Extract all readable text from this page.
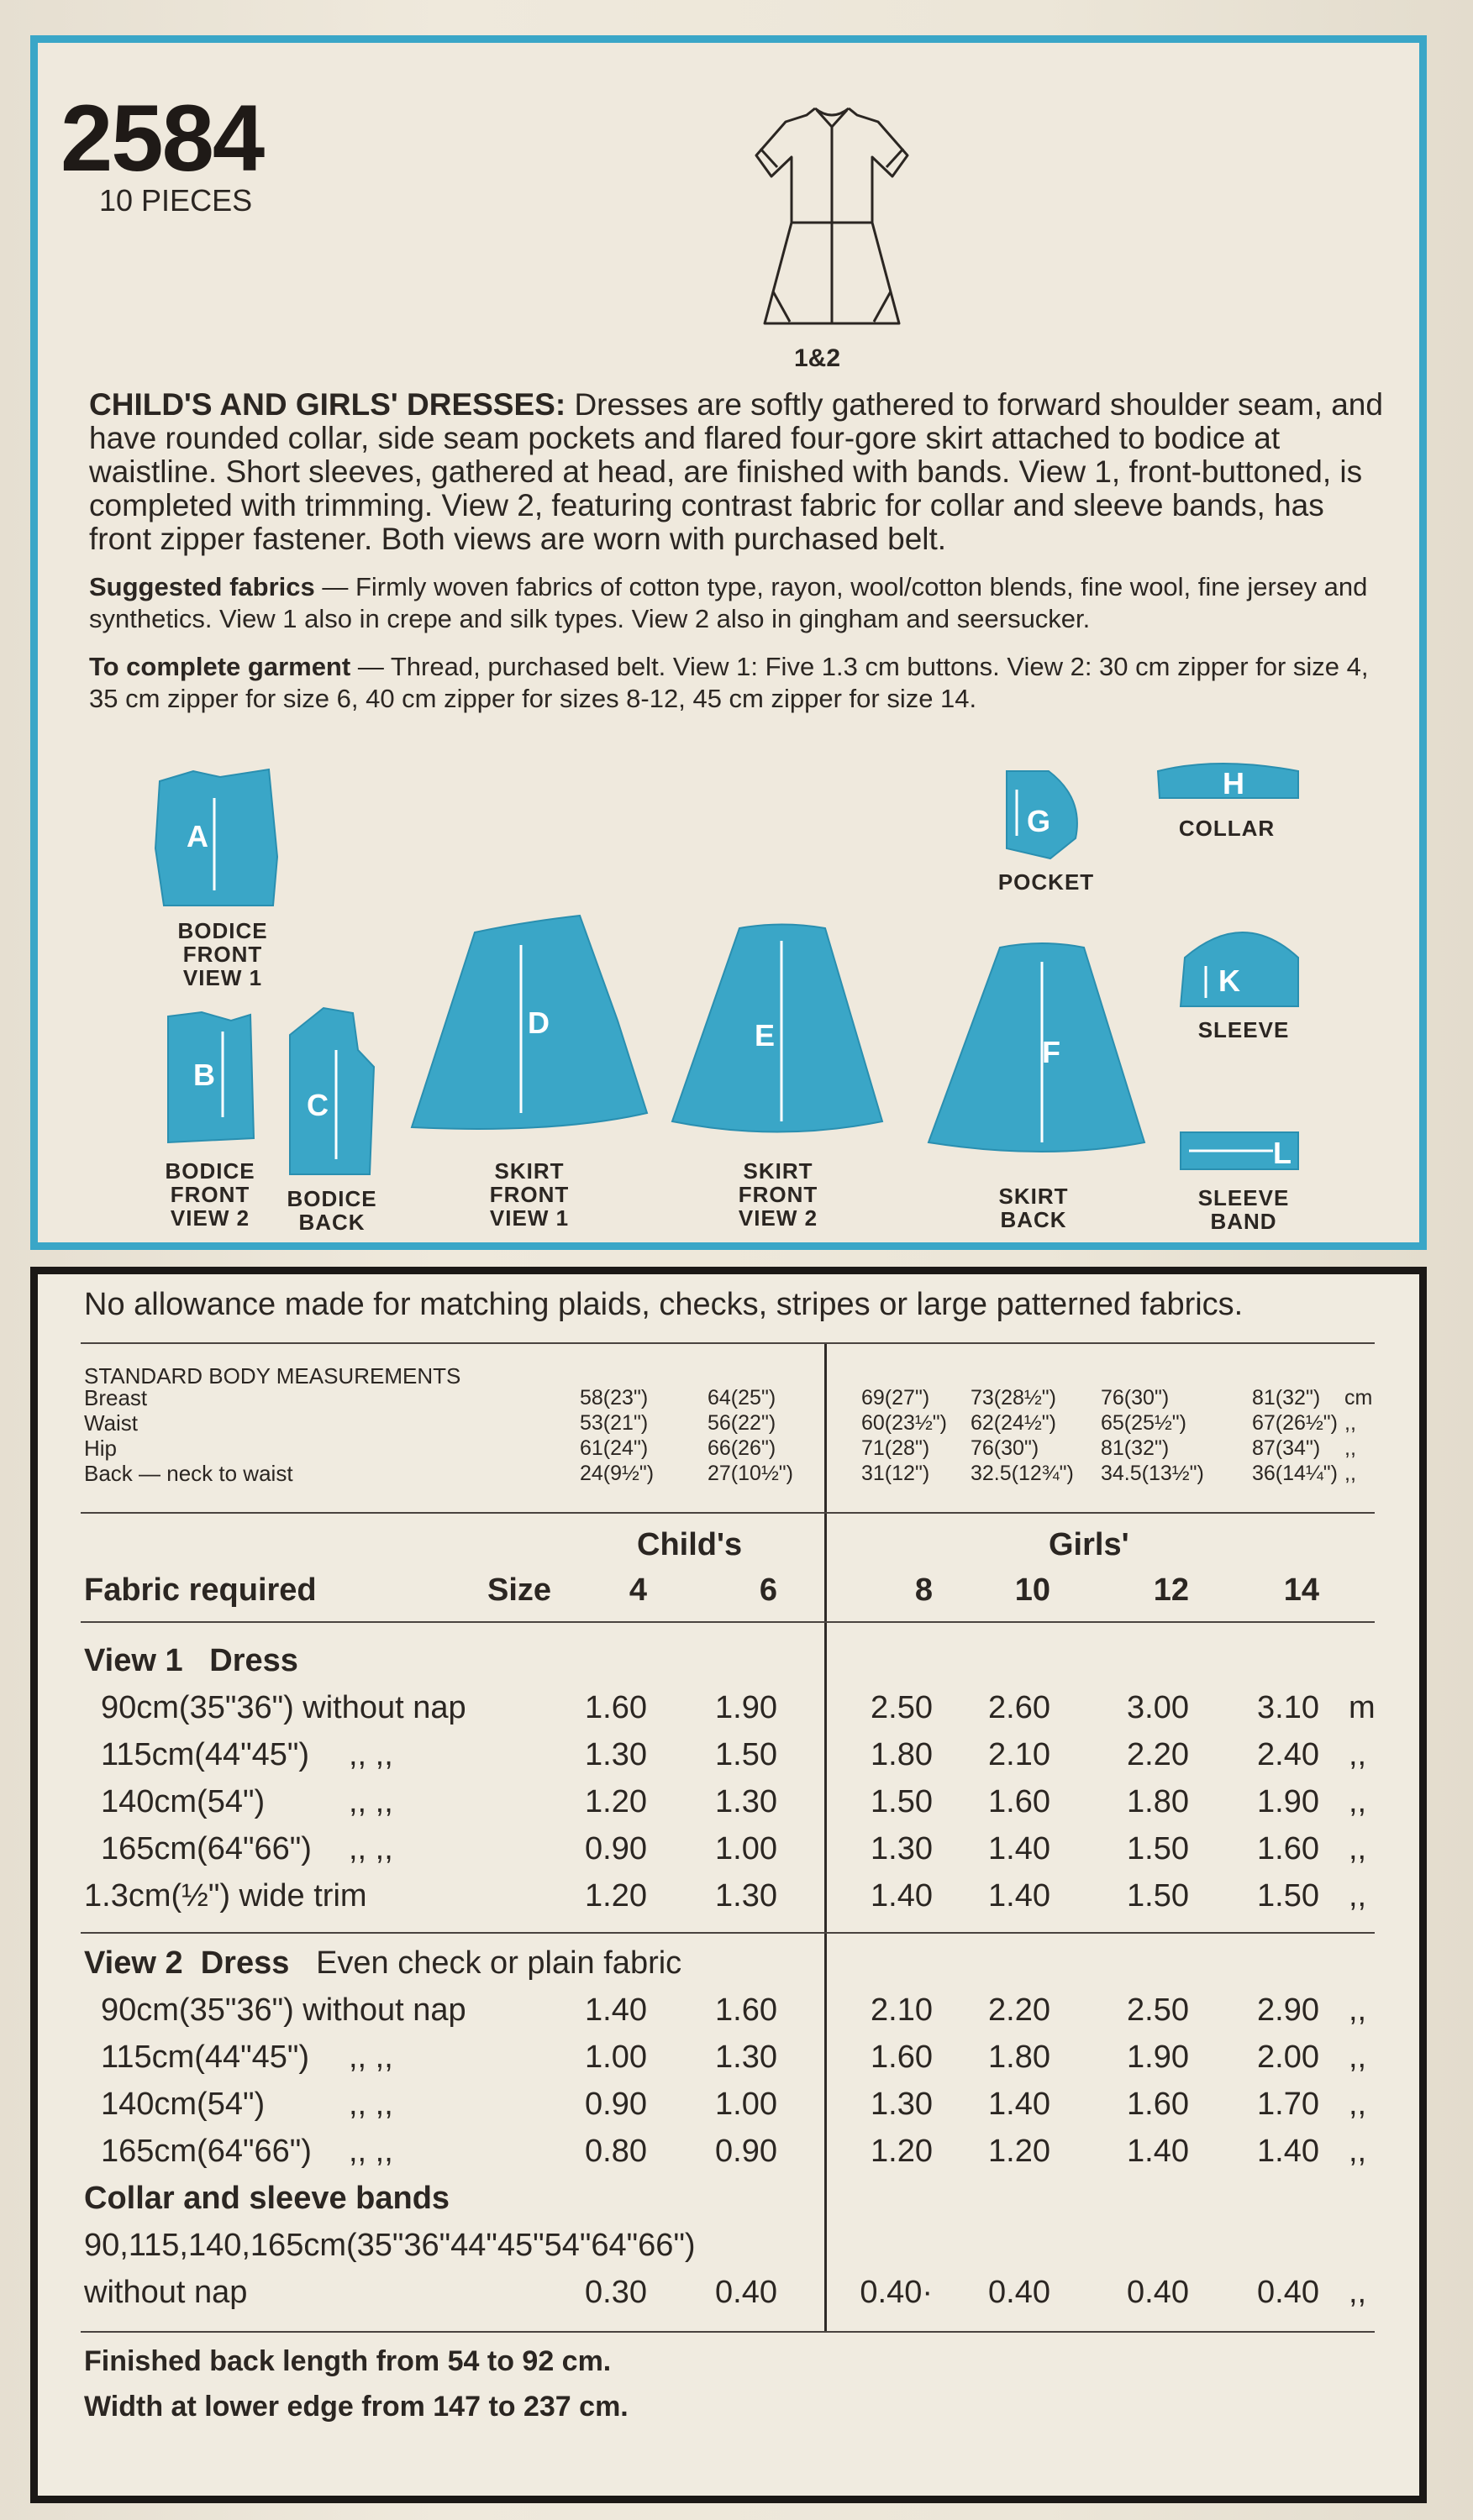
2584
10 PIECES
1&2
CHILD'S AND GIRLS' DRESSES: Dresses are softly gathered to forward shoulder seam, and have rounded collar, side seam pockets and flared four-gore skirt attached to bodice at waistline. Short sleeves, gathered at head, are finished with bands. View 1, front-buttoned, is completed with trimming. View 2, featuring contrast fabric for collar and sleeve bands, has front zipper fastener. Both views are worn with purchased belt.
Suggested fabrics — Firmly woven fabrics of cotton type, rayon, wool/cotton blends, fine wool, fine jersey and synthetics. View 1 also in crepe and silk types. View 2 also in gingham and seersucker.
To complete garment — Thread, purchased belt. View 1: Five 1.3 cm buttons. View 2: 30 cm zipper for size 4, 35 cm zipper for size 6, 40 cm zipper for sizes 8-12, 45 cm zipper for size 14.
A
B
C
D	E	F
G
H
K
L
BODICE
FRONT
VIEW 1
BODICE
FRONT
VIEW 2
BODICE
BACK
SKIRT
FRONT
VIEW 1
SKIRT
FRONT
VIEW 2
SKIRT
BACK
POCKET
COLLAR
SLEEVE
SLEEVE
BAND
No allowance made for matching plaids, checks, stripes or large patterned fabrics.
STANDARD BODY MEASUREMENTS
Breast	58(23")	64(25")	69(27") 73(28½") 76(30")	81(32") cm
Waist	53(21")	56(22")	60(23½") 62(24½") 65(25½")	67(26½") ,,
Hip	61(24")	66(26")	71(28") 76(30")	81(32")	87(34") ,,
Back — neck to waist	24(9½")	27(10½")	31(12") 32.5(12¾") 34.5(13½") 36(14¼") ,,
Child's	Girls'
Fabric required	Size	4	6	8	10	12	14
View 1 Dress
90cm(35"36") without nap	1.60	1.90	2.50	2.60	3.00	3.10 m
115cm(44"45") ,, ,,	1.30	1.50	1.80	2.10	2.20	2.40 ,,
140cm(54")	,, ,,	1.20	1.30	1.50	1.60	1.80	1.90 ,,
165cm(64"66") ,, ,,	0.90	1.00	1.30	1.40	1.50	1.60 ,,
1.3cm(½") wide trim	1.20	1.30	1.40	1.40	1.50	1.50 ,,
View 2 Dress Even check or plain fabric
90cm(35"36") without nap	1.40	1.60	2.10	2.20	2.50	2.90 ,,
115cm(44"45") ,, ,,	1.00	1.30	1.60	1.80	1.90	2.00 ,,
140cm(54")	,, ,,	0.90	1.00	1.30	1.40	1.60	1.70 ,,
165cm(64"66") ,, ,,	0.80	0.90	1.20	1.20	1.40	1.40 ,,
Collar and sleeve bands
90,115,140,165cm(35"36"44"45"54"64"66")
without nap	0.30	0.40	0.40·	0.40	0.40	0.40 ,,
Finished back length from 54 to 92 cm.
Width at lower edge from 147 to 237 cm.
